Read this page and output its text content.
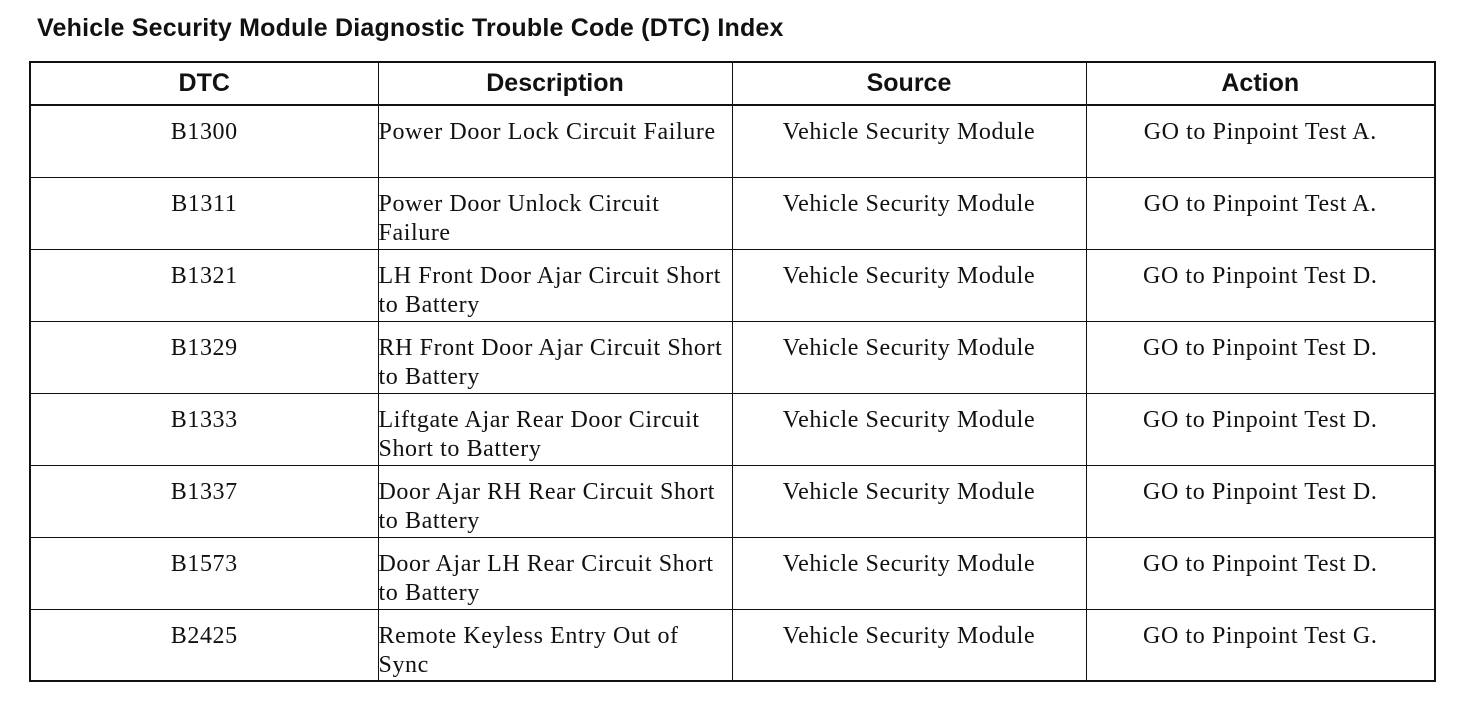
Vehicle Security Module Diagnostic Trouble Code (DTC) Index
DTC	Description	Source	Action
B1300	Power Door Lock Circuit Failure	Vehicle Security Module	GO to Pinpoint Test A.
B1311	Power Door Unlock Circuit Failure	Vehicle Security Module	GO to Pinpoint Test A.
B1321	LH Front Door Ajar Circuit Short to Battery	Vehicle Security Module	GO to Pinpoint Test D.
B1329	RH Front Door Ajar Circuit Short to Battery	Vehicle Security Module	GO to Pinpoint Test D.
B1333	Liftgate Ajar Rear Door Circuit Short to Battery	Vehicle Security Module	GO to Pinpoint Test D.
B1337	Door Ajar RH Rear Circuit Short to Battery	Vehicle Security Module	GO to Pinpoint Test D.
B1573	Door Ajar LH Rear Circuit Short to Battery	Vehicle Security Module	GO to Pinpoint Test D.
B2425	Remote Keyless Entry Out of Sync	Vehicle Security Module	GO to Pinpoint Test G.
